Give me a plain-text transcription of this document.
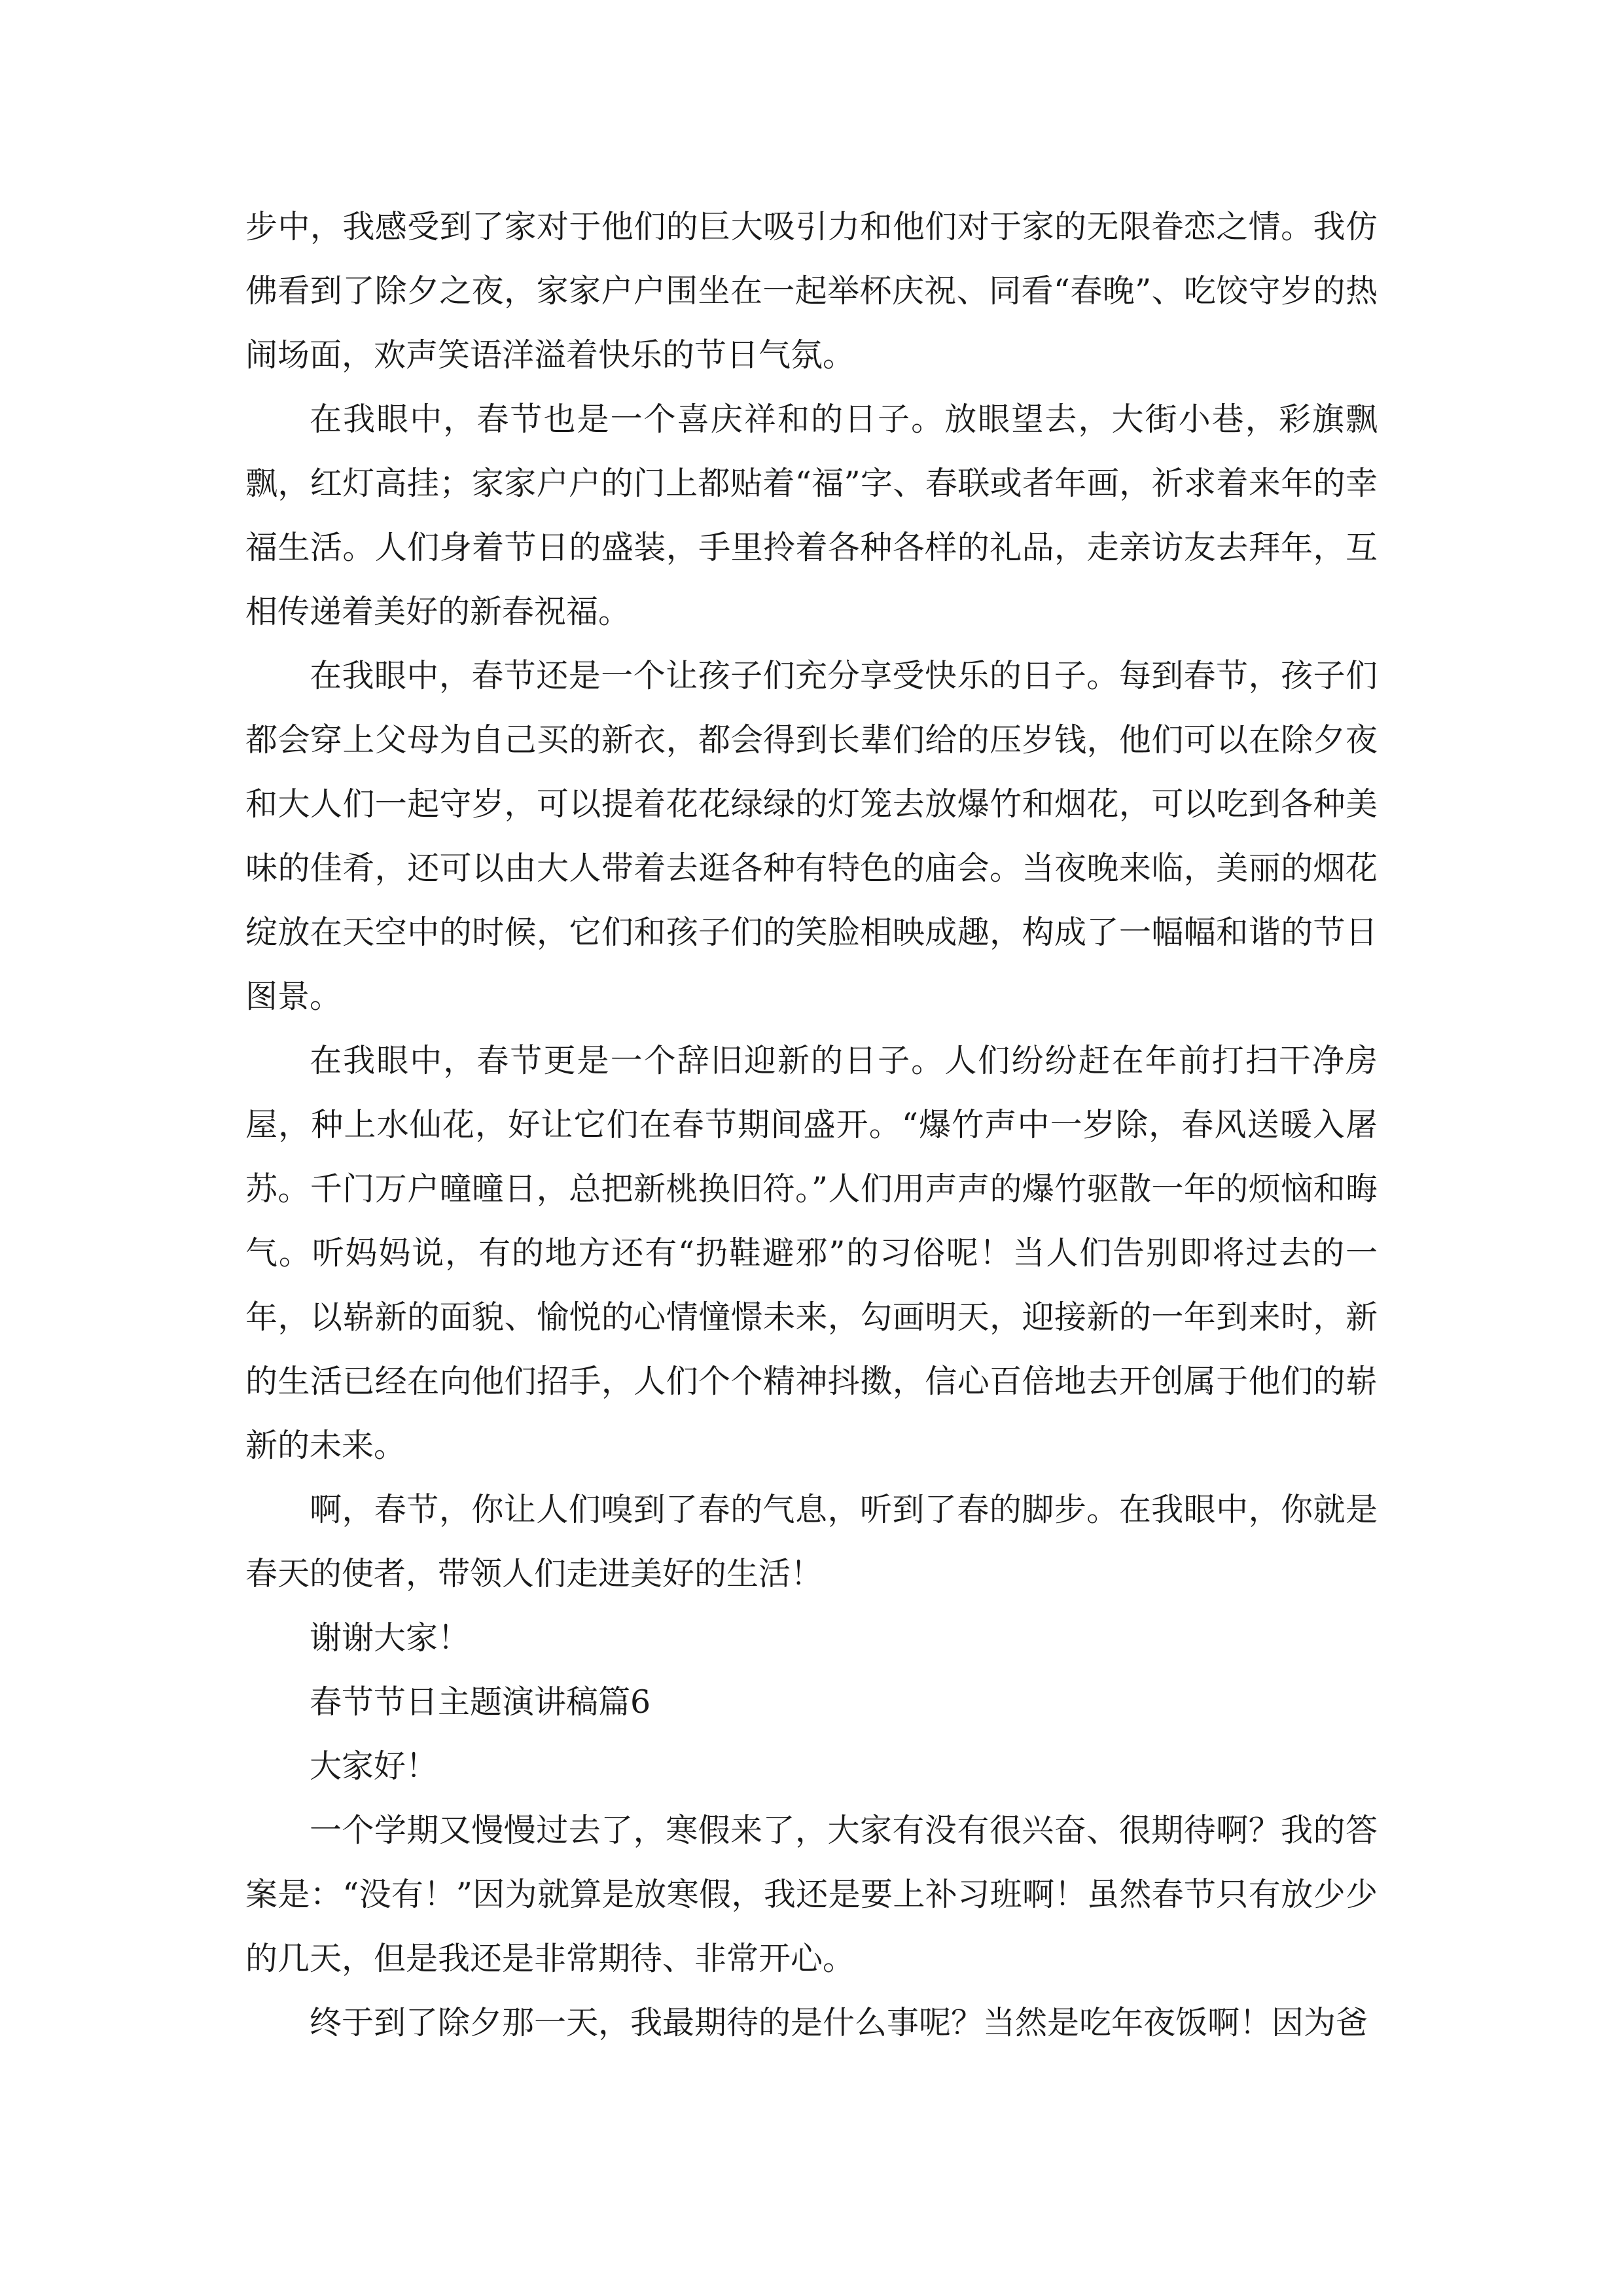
步中，我感受到了家对于他们的巨大吸引力和他们对于家的无限眷恋之情。我仿佛看到了除夕之夜，家家户户围坐在一起举杯庆祝、同看“春晚”、吃饺守岁的热闹场面，欢声笑语洋溢着快乐的节日气氛。

在我眼中，春节也是一个喜庆祥和的日子。放眼望去，大街小巷，彩旗飘飘，红灯高挂；家家户户的门上都贴着“福”字、春联或者年画，祈求着来年的幸福生活。人们身着节日的盛装，手里拎着各种各样的礼品，走亲访友去拜年，互相传递着美好的新春祝福。

在我眼中，春节还是一个让孩子们充分享受快乐的日子。每到春节，孩子们都会穿上父母为自己买的新衣，都会得到长辈们给的压岁钱，他们可以在除夕夜和大人们一起守岁，可以提着花花绿绿的灯笼去放爆竹和烟花，可以吃到各种美味的佳肴，还可以由大人带着去逛各种有特色的庙会。当夜晚来临，美丽的烟花绽放在天空中的时候，它们和孩子们的笑脸相映成趣，构成了一幅幅和谐的节日图景。

在我眼中，春节更是一个辞旧迎新的日子。人们纷纷赶在年前打扫干净房屋，种上水仙花，好让它们在春节期间盛开。“爆竹声中一岁除，春风送暖入屠苏。千门万户曈曈日，总把新桃换旧符。”人们用声声的爆竹驱散一年的烦恼和晦气。听妈妈说，有的地方还有“扔鞋避邪”的习俗呢！当人们告别即将过去的一年，以崭新的面貌、愉悦的心情憧憬未来，勾画明天，迎接新的一年到来时，新的生活已经在向他们招手，人们个个精神抖擞，信心百倍地去开创属于他们的崭新的未来。

啊，春节，你让人们嗅到了春的气息，听到了春的脚步。在我眼中，你就是春天的使者，带领人们走进美好的生活！

谢谢大家！

春节节日主题演讲稿篇6

大家好！

一个学期又慢慢过去了，寒假来了，大家有没有很兴奋、很期待啊？我的答案是：“没有！”因为就算是放寒假，我还是要上补习班啊！虽然春节只有放少少的几天，但是我还是非常期待、非常开心。

终于到了除夕那一天，我最期待的是什么事呢？当然是吃年夜饭啊！因为爸
